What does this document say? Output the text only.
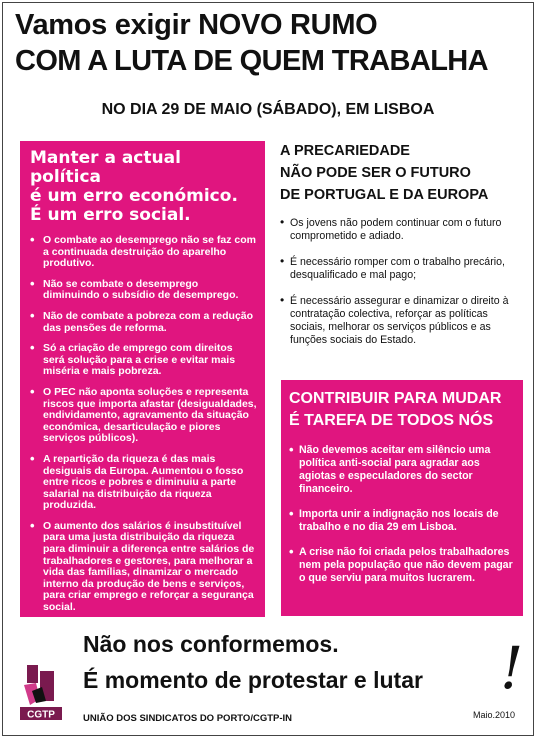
Vamos exigir NOVO RUMO
COM A LUTA DE QUEM TRABALHA
NO DIA 29 DE MAIO (SÁBADO), EM LISBOA
Manter a actual política
é um erro económico.
É um erro social.
• O combate ao desemprego não se faz com a continuada destruição do aparelho produtivo.
• Não se combate o desemprego diminuindo o subsídio de desemprego.
• Não de combate a pobreza com a redução das pensões de reforma.
• Só a criação de emprego com direitos será solução para a crise e evitar mais miséria e mais pobreza.
• O PEC não aponta soluções e representa riscos que importa afastar (desigualdades, endividamento, agravamento da situação económica, desarticulação e piores serviços públicos).
• A repartição da riqueza é das mais desiguais da Europa. Aumentou o fosso entre ricos e pobres e diminuiu a parte salarial na distribuição da riqueza produzida.
• O aumento dos salários é insubstituível para uma justa distribuição da riqueza para diminuir a diferença entre salários de trabalhadores e gestores, para melhorar a vida das famílias, dinamizar o mercado interno da produção de bens e serviços, para criar emprego e reforçar a segurança social.
A PRECARIEDADE
NÃO PODE SER O FUTURO
DE PORTUGAL E DA EUROPA
• Os jovens não podem continuar com o futuro comprometido e adiado.
• É necessário romper com o trabalho precário, desqualificado e mal pago;
• É necessário assegurar e dinamizar o direito à contratação colectiva, reforçar as políticas sociais, melhorar os serviços públicos e as funções sociais do Estado.
CONTRIBUIR PARA MUDAR
É TAREFA DE TODOS NÓS
• Não devemos aceitar em silêncio uma política anti-social para agradar aos agiotas e especuladores do sector financeiro.
• Importa unir a indignação nos locais de trabalho e no dia 29 em Lisboa.
• A crise não foi criada pelos trabalhadores nem pela população que não devem pagar o que serviu para muitos lucrarem.
Não nos conformemos.
É momento de protestar e lutar !
CGTP	UNIÃO DOS SINDICATOS DO PORTO/CGTP-IN	Maio.2010
